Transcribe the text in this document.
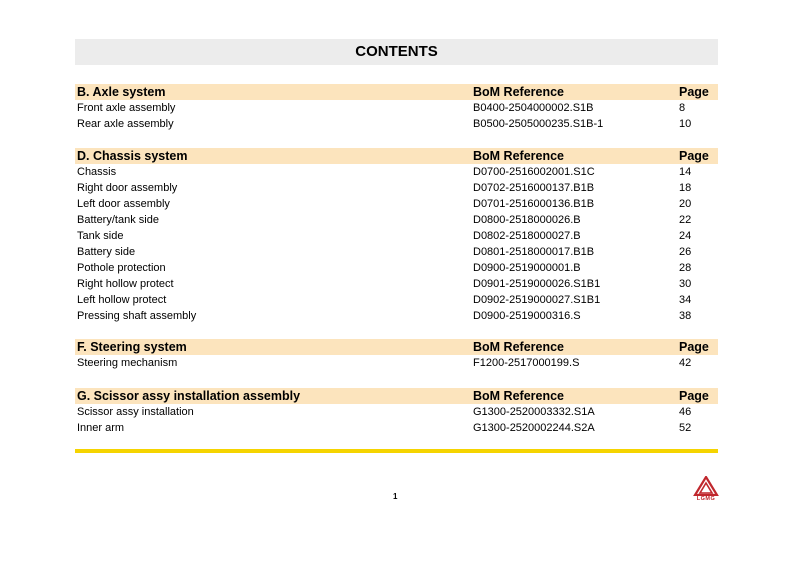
CONTENTS
B. Axle system	BoM Reference	Page
Front axle assembly	B0400-2504000002.S1B	8
Rear axle assembly	B0500-2505000235.S1B-1	10
D. Chassis system	BoM Reference	Page
Chassis	D0700-2516002001.S1C	14
Right door assembly	D0702-2516000137.B1B	18
Left door assembly	D0701-2516000136.B1B	20
Battery/tank side	D0800-2518000026.B	22
Tank side	D0802-2518000027.B	24
Battery side	D0801-2518000017.B1B	26
Pothole protection	D0900-2519000001.B	28
Right hollow protect	D0901-2519000026.S1B1	30
Left hollow protect	D0902-2519000027.S1B1	34
Pressing shaft assembly	D0900-2519000316.S	38
F. Steering system	BoM Reference	Page
Steering mechanism	F1200-2517000199.S	42
G. Scissor assy installation assembly	BoM Reference	Page
Scissor assy installation	G1300-2520003332.S1A	46
Inner arm	G1300-2520002244.S2A	52
1	LGMG
